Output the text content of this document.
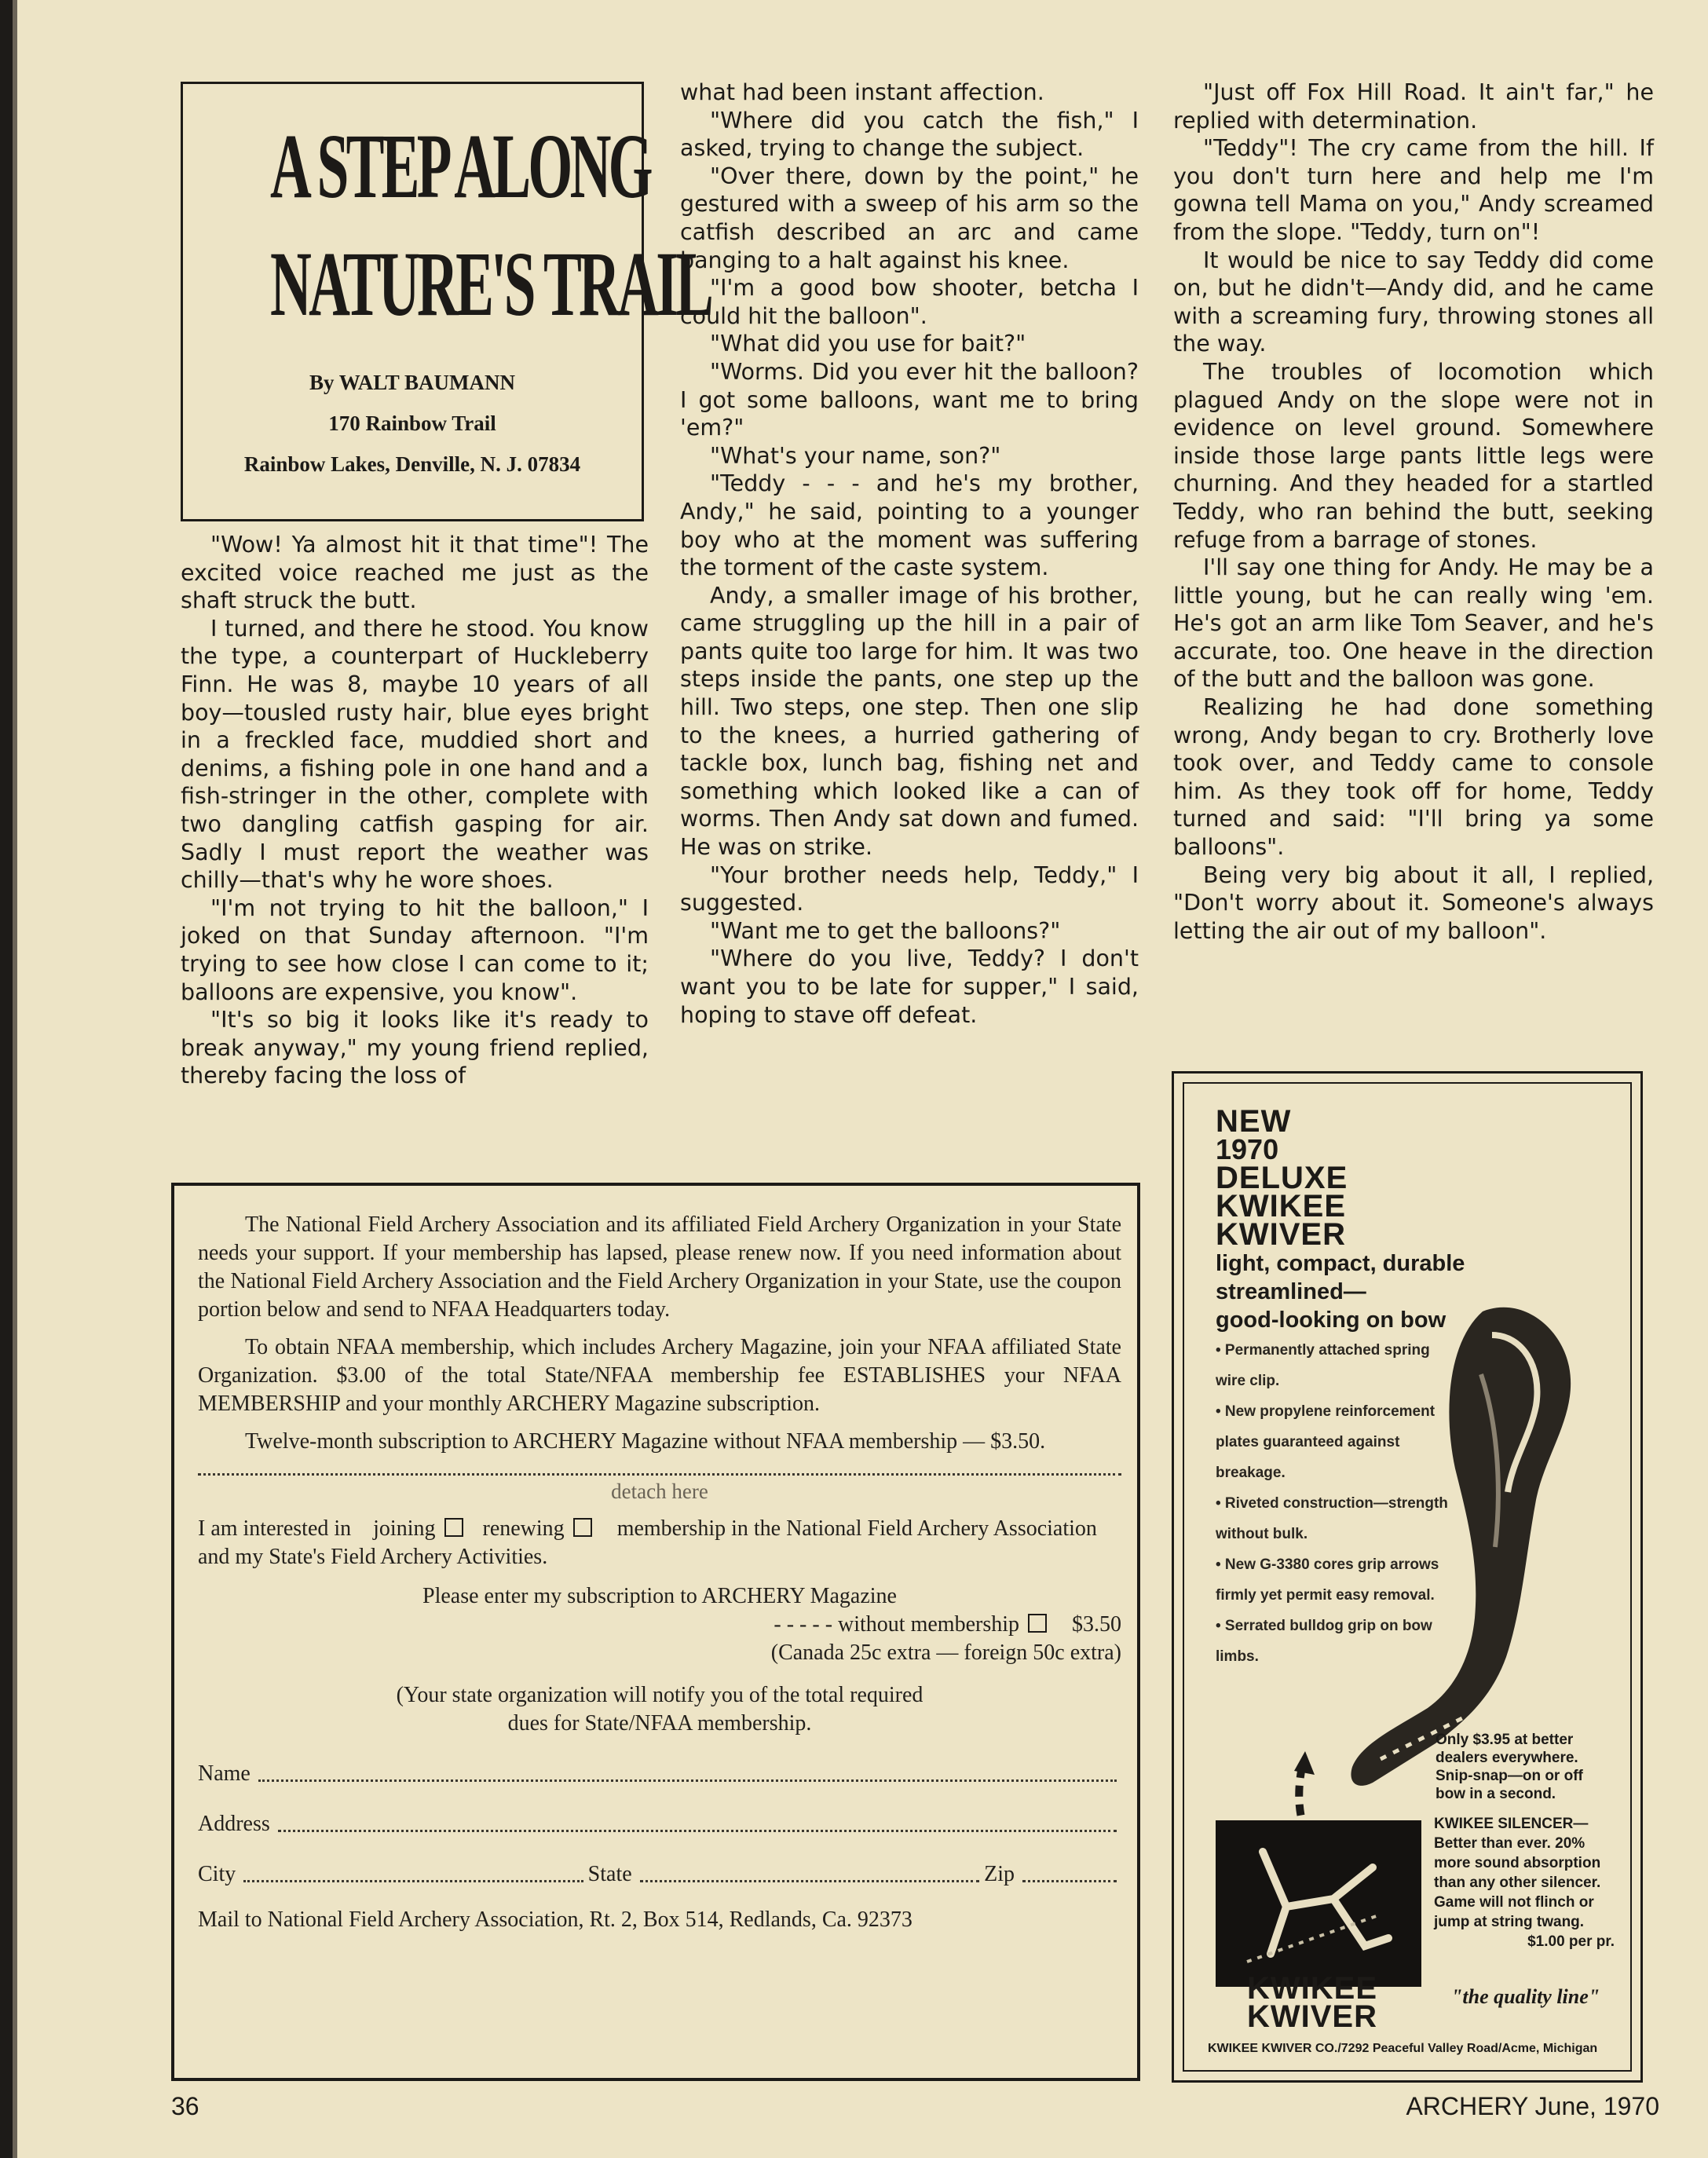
A STEP ALONG
NATURE'S TRAIL
By WALT BAUMANN
170 Rainbow Trail
Rainbow Lakes, Denville, N. J. 07834

"Wow! Ya almost hit it that time"! The excited voice reached me just as the shaft struck the butt.

I turned, and there he stood. You know the type, a counterpart of Huckleberry Finn. He was 8, maybe 10 years of all boy—tousled rusty hair, blue eyes bright in a freckled face, muddied short and denims, a fishing pole in one hand and a fish-stringer in the other, complete with two dangling catfish gasping for air. Sadly I must report the weather was chilly—that's why he wore shoes.

"I'm not trying to hit the balloon," I joked on that Sunday afternoon. "I'm trying to see how close I can come to it; balloons are expensive, you know".

"It's so big it looks like it's ready to break anyway," my young friend replied, thereby facing the loss of

what had been instant affection.

"Where did you catch the fish," I asked, trying to change the subject.

"Over there, down by the point," he gestured with a sweep of his arm so the catfish described an arc and came banging to a halt against his knee.

"I'm a good bow shooter, betcha I could hit the balloon".

"What did you use for bait?"

"Worms. Did you ever hit the balloon? I got some balloons, want me to bring 'em?"

"What's your name, son?"

"Teddy - - - and he's my brother, Andy," he said, pointing to a younger boy who at the moment was suffering the torment of the caste system.

Andy, a smaller image of his brother, came struggling up the hill in a pair of pants quite too large for him. It was two steps inside the pants, one step up the hill. Two steps, one step. Then one slip to the knees, a hurried gathering of tackle box, lunch bag, fishing net and something which looked like a can of worms. Then Andy sat down and fumed. He was on strike.

"Your brother needs help, Teddy," I suggested.

"Want me to get the balloons?"

"Where do you live, Teddy? I don't want you to be late for supper," I said, hoping to stave off defeat.

"Just off Fox Hill Road. It ain't far," he replied with determination.

"Teddy"! The cry came from the hill. If you don't turn here and help me I'm gowna tell Mama on you," Andy screamed from the slope. "Teddy, turn on"!

It would be nice to say Teddy did come on, but he didn't—Andy did, and he came with a screaming fury, throwing stones all the way.

The troubles of locomotion which plagued Andy on the slope were not in evidence on level ground. Somewhere inside those large pants little legs were churning. And they headed for a startled Teddy, who ran behind the butt, seeking refuge from a barrage of stones.

I'll say one thing for Andy. He may be a little young, but he can really wing 'em. He's got an arm like Tom Seaver, and he's accurate, too. One heave in the direction of the butt and the balloon was gone.

Realizing he had done something wrong, Andy began to cry. Brotherly love took over, and Teddy came to console him. As they took off for home, Teddy turned and said: "I'll bring ya some balloons".

Being very big about it all, I replied, "Don't worry about it. Someone's always letting the air out of my balloon".

The National Field Archery Association and its affiliated Field Archery Organization in your State needs your support. If your membership has lapsed, please renew now. If you need information about the National Field Archery Association and the Field Archery Organization in your State, use the coupon portion below and send to NFAA Headquarters today.

To obtain NFAA membership, which includes Archery Magazine, join your NFAA affiliated State Organization. $3.00 of the total State/NFAA membership fee ESTABLISHES your NFAA MEMBERSHIP and your monthly ARCHERY Magazine subscription.

Twelve-month subscription to ARCHERY Magazine without NFAA membership — $3.50.

detach here
I am interested in joining renewing membership in the National Field Archery Association and my State's Field Archery Activities.
Please enter my subscription to ARCHERY Magazine
- - - - - without membership $3.50
(Canada 25c extra — foreign 50c extra)
(Your state organization will notify you of the total required
dues for State/NFAA membership.
Name
Address
City	State	Zip
Mail to National Field Archery Association, Rt. 2, Box 514, Redlands, Ca. 92373
NEW
1970
DELUXE
KWIKEE
KWIVER
light, compact, durable
streamlined—
good-looking on bow
• Permanently attached spring wire clip.
• New propylene reinforcement plates guaranteed against breakage.
• Riveted construction—strength without bulk.
• New G-3380 cores grip arrows firmly yet permit easy removal.
• Serrated bulldog grip on bow limbs.
Only $3.95 at better dealers everywhere. Snip-snap—on or off bow in a second.
KWIKEE SILENCER—
Better than ever. 20% more sound absorption than any other silencer. Game will not flinch or jump at string twang.
$1.00 per pr.
KWIKEE
KWIVER
"the quality line"
KWIKEE KWIVER CO./7292 Peaceful Valley Road/Acme, Michigan
36	ARCHERY June, 1970
